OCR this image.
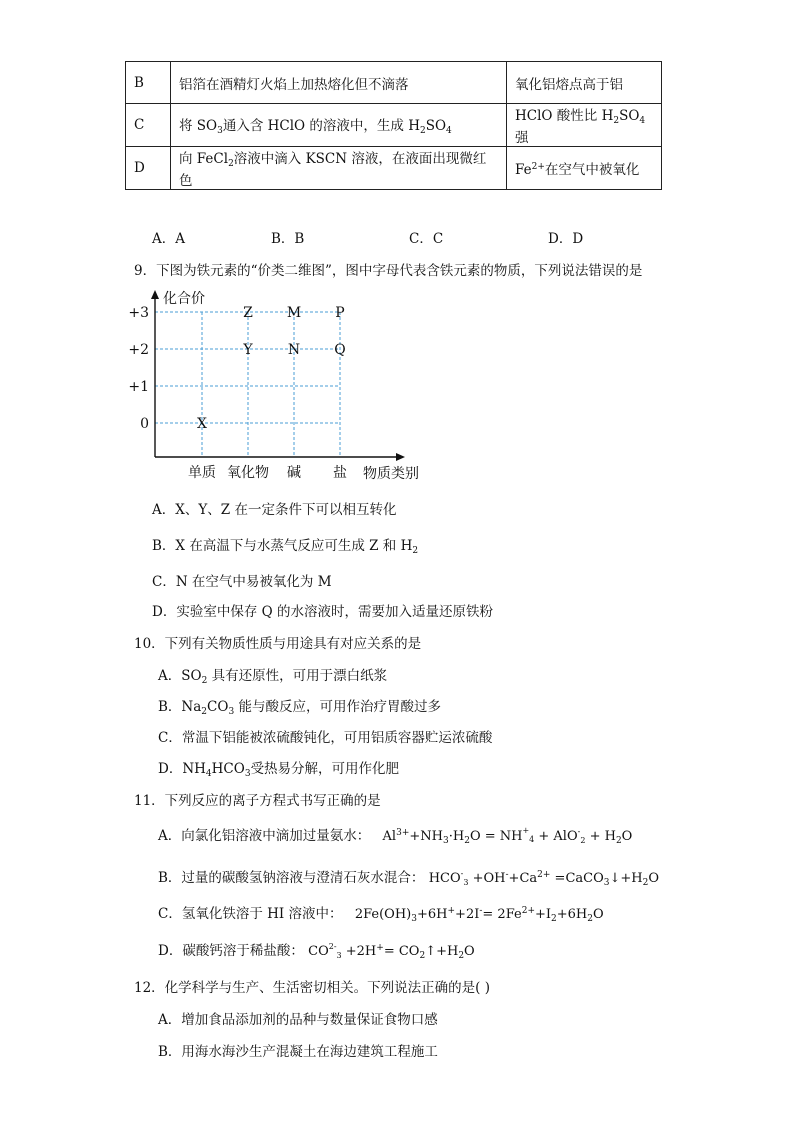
B	铝箔在酒精灯火焰上加热熔化但不滴落	氧化铝熔点高于铝
C	将 $SO_3$通入含 HClO 的溶液中，生成 $H_2SO_4$	HClO 酸性比 $H_2SO_4$强
D	向 FeCl$_2$溶液中滴入 KSCN 溶液，在液面出现微红色	$Fe^{2+}$在空气中被氧化
A．A	B．B	C．C	D．D
9．下图为铁元素的“价类二维图”，图中字母代表含铁元素的物质，下列说法错误的是
化合价
物质类别
+3
+2
+1
0
单质 氧化物 碱 盐
X
Y
Z
N
M
Q
P
A．X、Y、Z 在一定条件下可以相互转化
B．X 在高温下与水蒸气反应可生成 Z 和 $H_2$
C．N 在空气中易被氧化为 M
D．实验室中保存 Q 的水溶液时，需要加入适量还原铁粉
10．下列有关物质性质与用途具有对应关系的是
A．$SO_2$ 具有还原性，可用于漂白纸浆
B．$Na_2CO_3$ 能与酸反应，可用作治疗胃酸过多
C．常温下铝能被浓硫酸钝化，可用铝质容器贮运浓硫酸
D．$NH_4HCO_3$受热易分解，可用作化肥
11．下列反应的离子方程式书写正确的是
A．向氯化铝溶液中滴加过量氨水： $Al^{3+}+NH_3\cdot H_2O = NH_{+4} + AlO_{-2} + H_2O$
B．过量的碳酸氢钠溶液与澄清石灰水混合： $HCO_{-3} +OH^-+Ca^{2+}$ $=CaCO_3↓+H_2O$
C．氢氧化铁溶于 HI 溶液中： $2Fe(OH)_3+6H^++2I^-= 2Fe^{2+}+I_2+6H_2O$
D．碳酸钙溶于稀盐酸： $CO_{2-3} +2H^+=$ $CO_2↑+H_2O$
12．化学科学与生产、生活密切相关。下列说法正确的是( )
A．增加食品添加剂的品种与数量保证食物口感
B．用海水海沙生产混凝土在海边建筑工程施工
